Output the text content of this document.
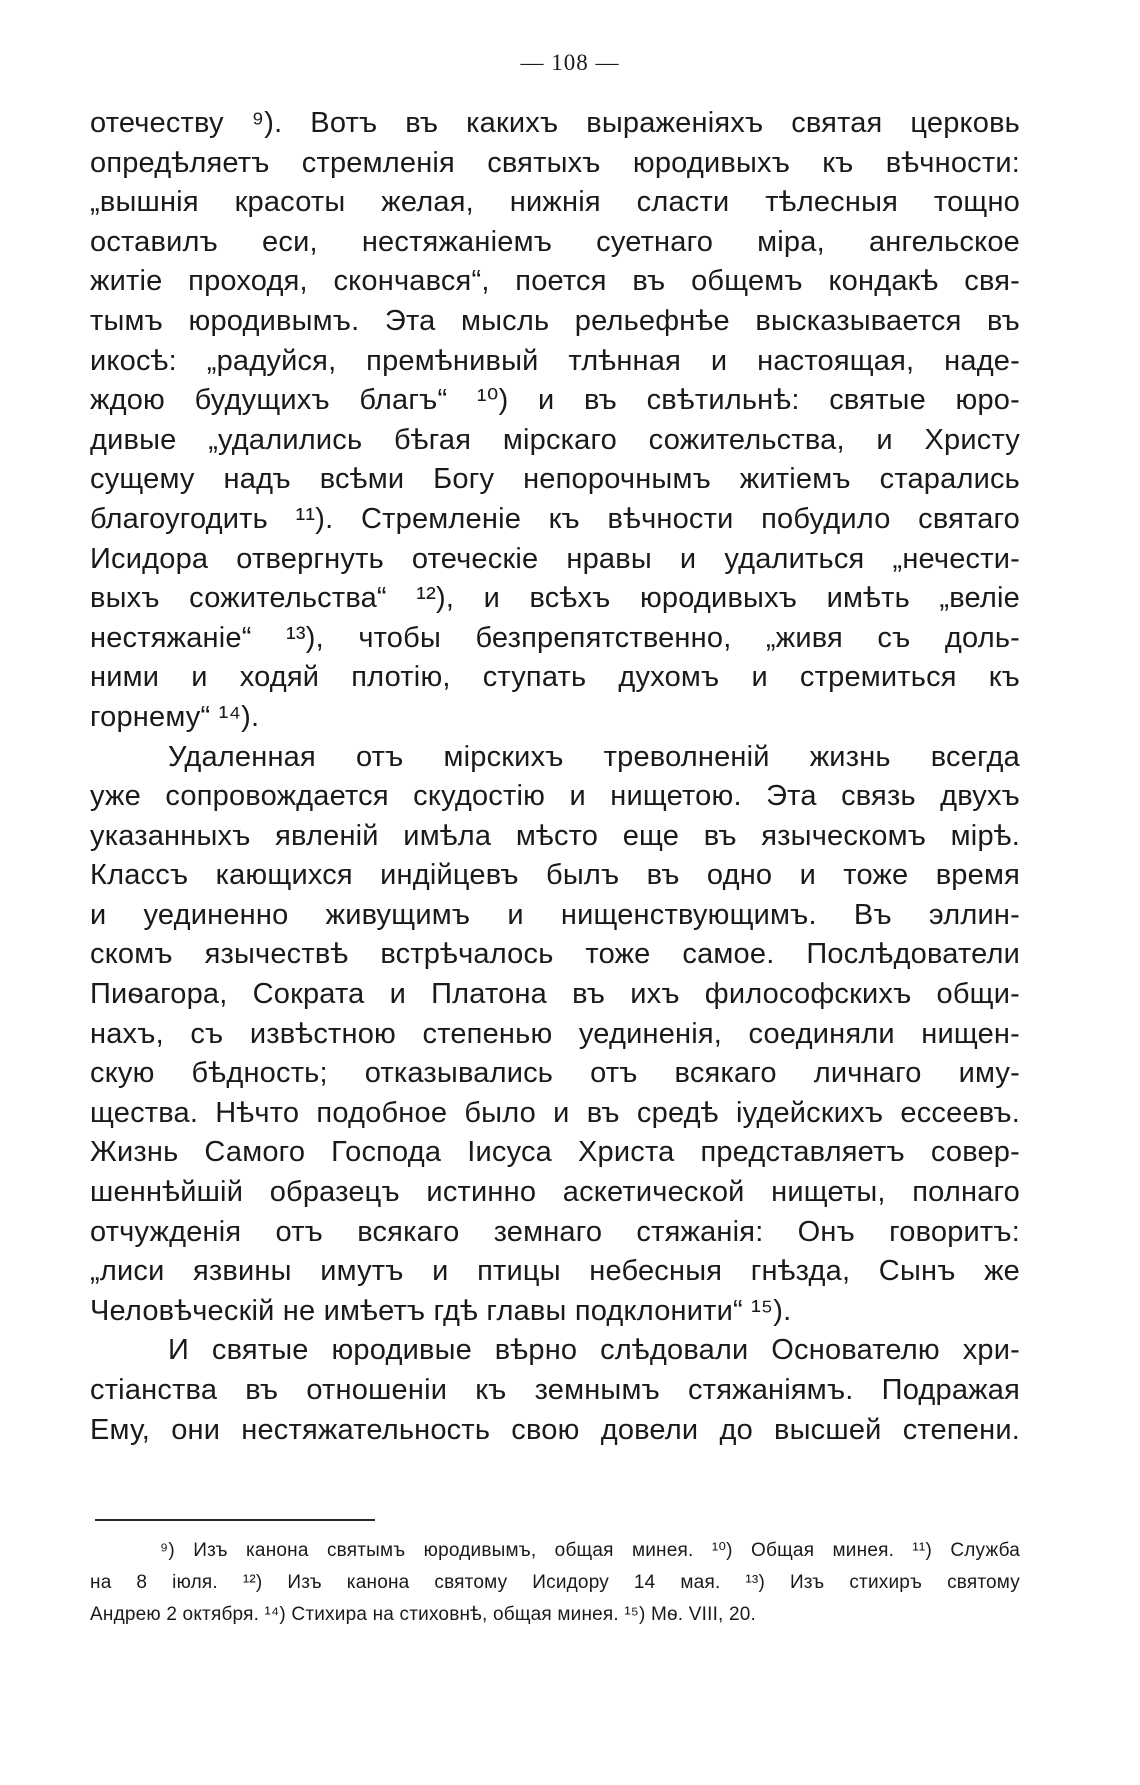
— 108 —
отечеству ⁹). Вотъ въ какихъ выраженіяхъ святая церковь
опредѣляетъ стремленія святыхъ юродивыхъ къ вѣчности:
„вышнія красоты желая, нижнія сласти тѣлесныя тощно
оставилъ еси, нестяжаніемъ суетнаго міра, ангельское
житіе проходя, скончався“, поется въ общемъ кондакѣ свя-
тымъ юродивымъ. Эта мысль рельефнѣе высказывается въ
икосѣ: „радуйся, премѣнивый тлѣнная и настоящая, наде-
ждою будущихъ благъ“ ¹⁰) и въ свѣтильнѣ: святые юро-
дивые „удалились бѣгая мірскаго сожительства, и Христу
сущему надъ всѣми Богу непорочнымъ житіемъ старались
благоугодить ¹¹). Стремленіе къ вѣчности побудило святаго
Исидора отвергнуть отеческіе нравы и удалиться „нечести-
выхъ сожительства“ ¹²), и всѣхъ юродивыхъ имѣть „веліе
нестяжаніе“ ¹³), чтобы безпрепятственно, „живя съ доль-
ними и ходяй плотію, ступать духомъ и стремиться къ
горнему“ ¹⁴).
Удаленная отъ мірскихъ треволненій жизнь всегда
уже сопровождается скудостію и нищетою. Эта связь двухъ
указанныхъ явленій имѣла мѣсто еще въ языческомъ мірѣ.
Классъ кающихся индійцевъ былъ въ одно и тоже время
и уединенно живущимъ и нищенствующимъ. Въ эллин-
скомъ язычествѣ встрѣчалось тоже самое. Послѣдователи
Пиѳагора, Сократа и Платона въ ихъ философскихъ общи-
нахъ, съ извѣстною степенью уединенія, соединяли нищен-
скую бѣдность; отказывались отъ всякаго личнаго иму-
щества. Нѣчто подобное было и въ средѣ іудейскихъ ессеевъ.
Жизнь Самого Господа Іисуса Христа представляетъ совер-
шеннѣйшій образецъ истинно аскетической нищеты, полнаго
отчужденія отъ всякаго земнаго стяжанія: Онъ говоритъ:
„лиси язвины имутъ и птицы небесныя гнѣзда, Сынъ же
Человѣческій не имѣетъ гдѣ главы подклонити“ ¹⁵).
И святые юродивые вѣрно слѣдовали Основателю хри-
стіанства въ отношеніи къ земнымъ стяжаніямъ. Подражая
Ему, они нестяжательность свою довели до высшей степени.
⁹) Изъ канона святымъ юродивымъ, общая минея. ¹⁰) Общая минея. ¹¹) Служба
на 8 іюля. ¹²) Изъ канона святому Исидору 14 мая. ¹³) Изъ стихиръ святому
Андрею 2 октября. ¹⁴) Стихира на стиховнѣ, общая минея. ¹⁵) Мѳ. VIII, 20.
